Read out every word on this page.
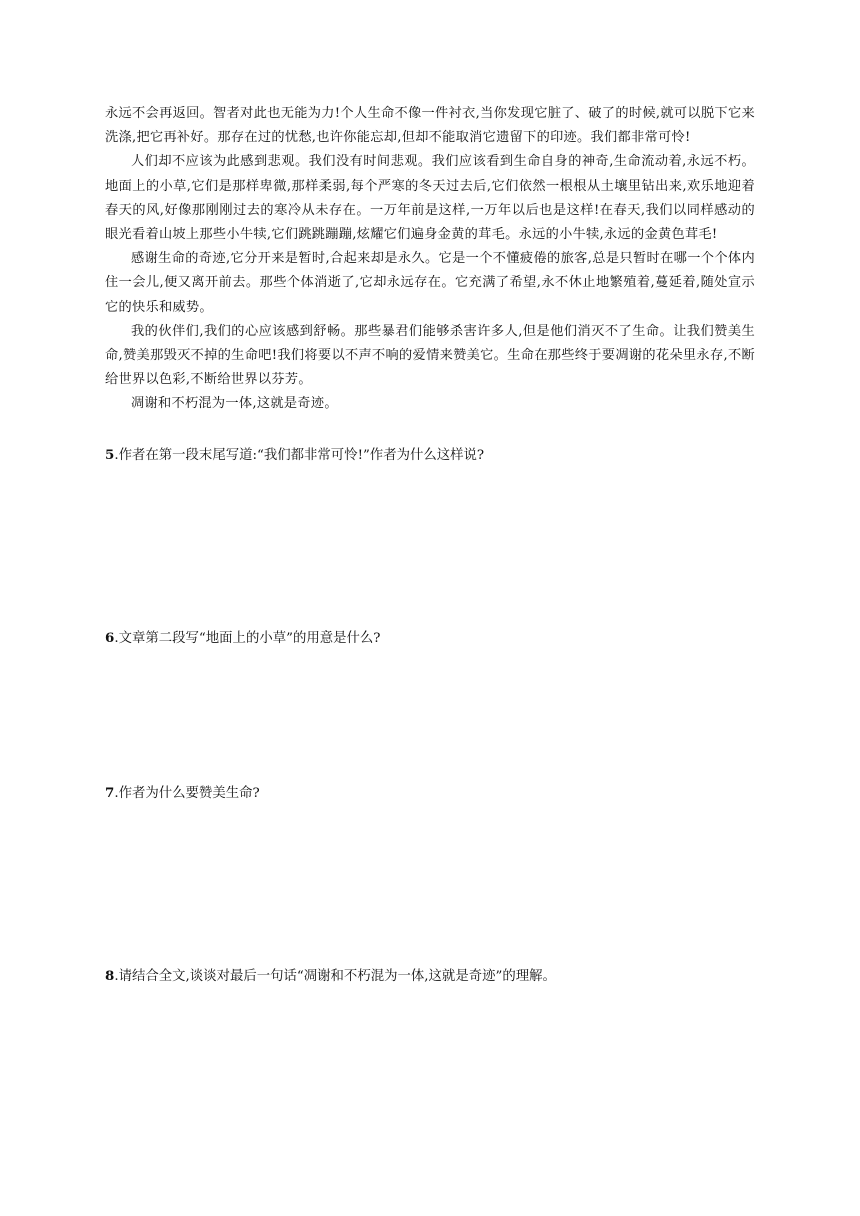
永远不会再返回。智者对此也无能为力!个人生命不像一件衬衣,当你发现它脏了、破了的时候,就可以脱下它来洗涤,把它再补好。那存在过的忧愁,也许你能忘却,但却不能取消它遗留下的印迹。我们都非常可怜!

人们却不应该为此感到悲观。我们没有时间悲观。我们应该看到生命自身的神奇,生命流动着,永远不朽。地面上的小草,它们是那样卑微,那样柔弱,每个严寒的冬天过去后,它们依然一根根从土壤里钻出来,欢乐地迎着春天的风,好像那刚刚过去的寒冷从未存在。一万年前是这样,一万年以后也是这样!在春天,我们以同样感动的眼光看着山坡上那些小牛犊,它们跳跳蹦蹦,炫耀它们遍身金黄的茸毛。永远的小牛犊,永远的金黄色茸毛!

感谢生命的奇迹,它分开来是暂时,合起来却是永久。它是一个不懂疲倦的旅客,总是只暂时在哪一个个体内住一会儿,便又离开前去。那些个体消逝了,它却永远存在。它充满了希望,永不休止地繁殖着,蔓延着,随处宣示它的快乐和威势。

我的伙伴们,我们的心应该感到舒畅。那些暴君们能够杀害许多人,但是他们消灭不了生命。让我们赞美生命,赞美那毁灭不掉的生命吧!我们将要以不声不响的爱情来赞美它。生命在那些终于要凋谢的花朵里永存,不断给世界以色彩,不断给世界以芬芳。

凋谢和不朽混为一体,这就是奇迹。

5.作者在第一段末尾写道:“我们都非常可怜!”作者为什么这样说?

6.文章第二段写“地面上的小草”的用意是什么?

7.作者为什么要赞美生命?

8.请结合全文,谈谈对最后一句话“凋谢和不朽混为一体,这就是奇迹”的理解。
